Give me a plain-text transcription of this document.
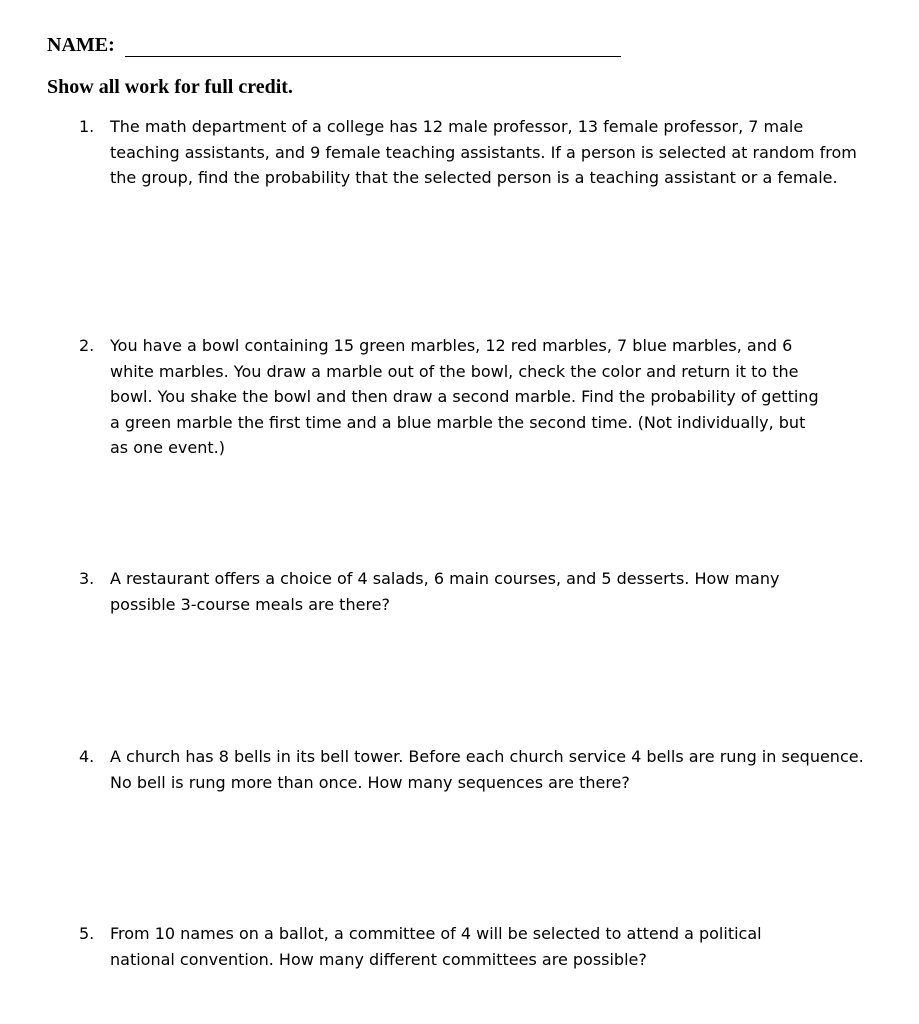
NAME:

Show all work for full credit.

1. The math department of a college has 12 male professor, 13 female professor, 7 male teaching assistants, and 9 female teaching assistants. If a person is selected at random from the group, find the probability that the selected person is a teaching assistant or a female.
2. You have a bowl containing 15 green marbles, 12 red marbles, 7 blue marbles, and 6 white marbles. You draw a marble out of the bowl, check the color and return it to the bowl. You shake the bowl and then draw a second marble. Find the probability of getting a green marble the first time and a blue marble the second time. (Not individually, but as one event.)
3. A restaurant offers a choice of 4 salads, 6 main courses, and 5 desserts. How many possible 3-course meals are there?
4. A church has 8 bells in its bell tower. Before each church service 4 bells are rung in sequence. No bell is rung more than once. How many sequences are there?
5. From 10 names on a ballot, a committee of 4 will be selected to attend a political national convention. How many different committees are possible?
